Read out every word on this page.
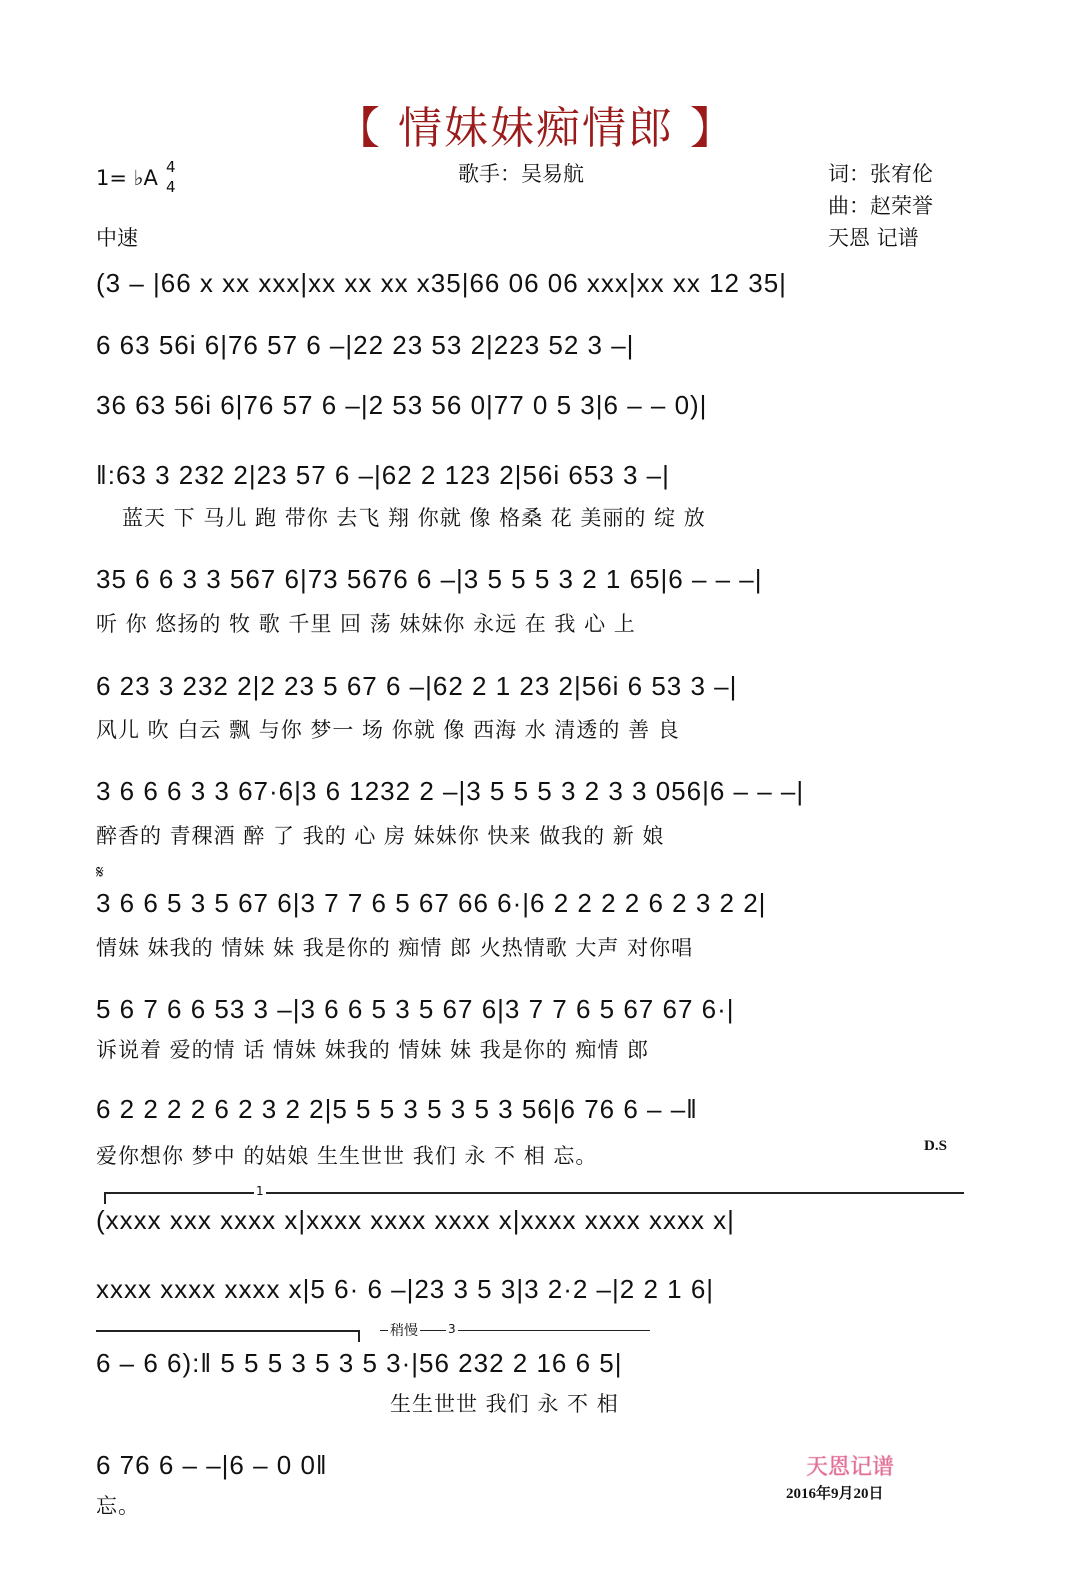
【 情妹妹痴情郎 】
1= ♭A 4
4
中速
歌手：吴易航	词：张宥伦
曲：赵荣誉
天恩 记谱
(3 – |66 x xx xxx|xx xx xx x35|66 06 06 xxx|xx xx 12 35|
6 63 56i 6|76 57 6 –|22 23 53 2|223 52 3 –|
36 63 56i 6|76 57 6 –|2 53 56 0|77 0 5 3|6 – – 0)|
‖:63 3 232 2|23 57 6 –|62 2 123 2|56i 653 3 –|
蓝天 下 马儿 跑 带你 去飞 翔 你就 像 格桑 花 美丽的 绽 放
35 6 6 3 3 567 6|73 5676 6 –|3 5 5 5 3 2 1 65|6 – – –|
听 你 悠扬的 牧 歌 千里 回 荡 妹妹你 永远 在 我 心 上
6 23 3 232 2|2 23 5 67 6 –|62 2 1 23 2|56i 6 53 3 –|
风儿 吹 白云 飘 与你 梦一 场 你就 像 西海 水 清透的 善 良
3 6 6 6 3 3 67·6|3 6 1232 2 –|3 5 5 5 3 2 3 3 056|6 – – –|
醉香的 青稞酒 醉 了 我的 心 房 妹妹你 快来 做我的 新 娘
𝄋
3 6 6 5 3 5 67 6|3 7 7 6 5 67 66 6·|6 2 2 2 2 6 2 3 2 2|
情妹 妹我的 情妹 妹 我是你的 痴情 郎 火热情歌 大声 对你唱
5 6 7 6 6 53 3 –|3 6 6 5 3 5 67 6|3 7 7 6 5 67 67 6·|
诉说着 爱的情 话 情妹 妹我的 情妹 妹 我是你的 痴情 郎
6 2 2 2 2 6 2 3 2 2|5 5 5 3 5 3 5 3 56|6 76 6 – –‖
爱你想你 梦中 的姑娘 生生世世 我们 永 不 相 忘。	D.S
1
(xxxx xxx xxxx x|xxxx xxxx xxxx x|xxxx xxxx xxxx x|
xxxx xxxx xxxx x|5 6· 6 –|23 3 5 3|3 2·2 –|2 2 1 6|
稍慢	3
6 – 6 6):‖ 5 5 5 3 5 3 5 3·|56 232 2 16 6 5|
生生世世 我们 永 不 相
6 76 6 – –|6 – 0 0‖
忘。
天恩记谱
2016年9月20日
